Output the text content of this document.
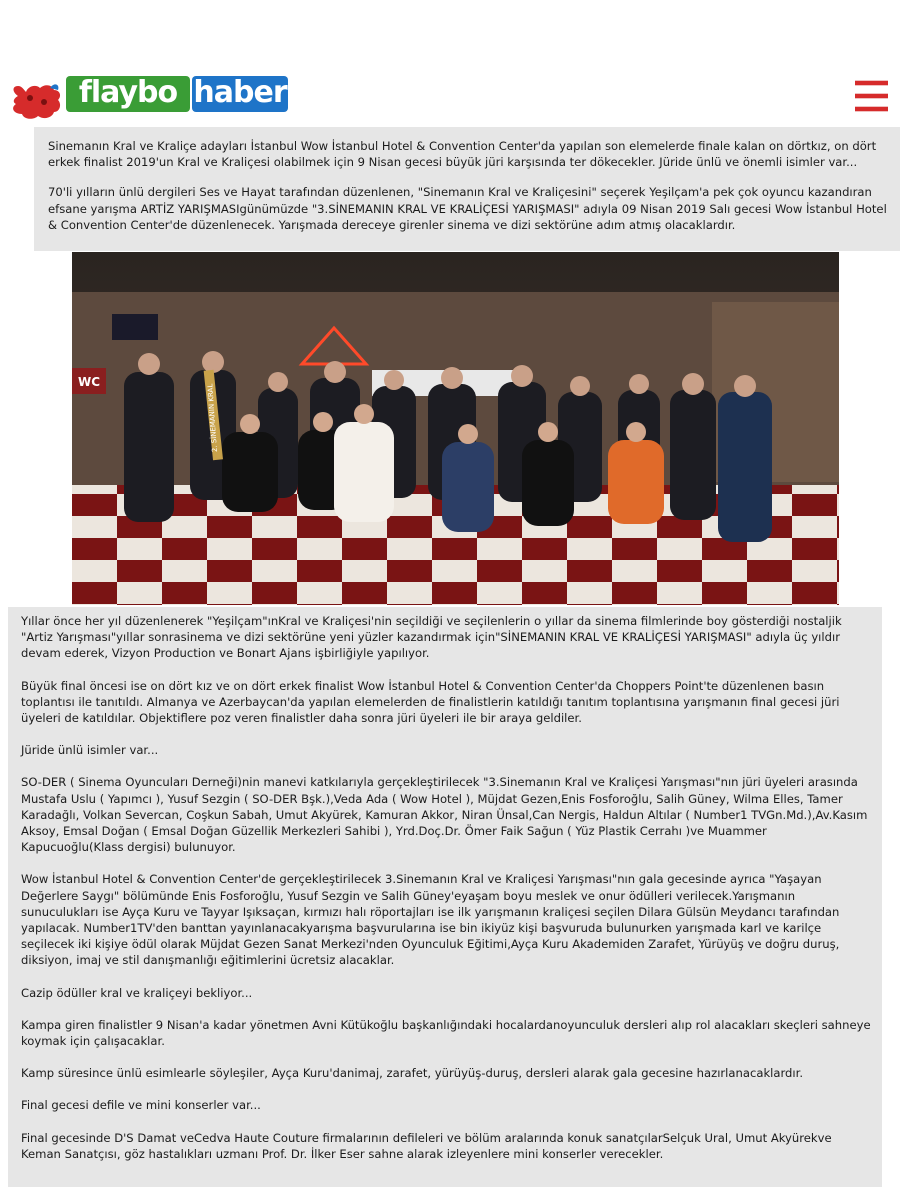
flaybo haber

Sinemanın Kral ve Kraliçe adayları İstanbul Wow İstanbul Hotel & Convention Center'da yapılan son elemelerde finale kalan on dörtkız, on dört erkek finalist 2019'un Kral ve Kraliçesi olabilmek için 9 Nisan gecesi büyük jüri karşısında ter dökecekler. Jüride ünlü ve önemli isimler var...

70'li yılların ünlü dergileri Ses ve Hayat tarafından düzenlenen, "Sinemanın Kral ve Kraliçesini" seçerek Yeşilçam'a pek çok oyuncu kazandıran efsane yarışma ARTİZ YARIŞMASIgünümüzde "3.SİNEMANIN KRAL VE KRALİÇESİ YARIŞMASI" adıyla 09 Nisan 2019 Salı gecesi Wow İstanbul Hotel & Convention Center'de düzenlenecek. Yarışmada dereceye girenler sinema ve dizi sektörüne adım atmış olacaklardır.

WC
2. SİNEMANIN KRAL

Yıllar önce her yıl düzenlenerek "Yeşilçam"ınKral ve Kraliçesi'nin seçildiği ve seçilenlerin o yıllar da sinema filmlerinde boy gösterdiği nostaljik "Artiz Yarışması"yıllar sonrasinema ve dizi sektörüne yeni yüzler kazandırmak için"SİNEMANIN KRAL VE KRALİÇESİ YARIŞMASI" adıyla üç yıldır devam ederek, Vizyon Production ve Bonart Ajans işbirliğiyle yapılıyor.

Büyük final öncesi ise on dört kız ve on dört erkek finalist Wow İstanbul Hotel & Convention Center'da Choppers Point'te düzenlenen basın toplantısı ile tanıtıldı. Almanya ve Azerbaycan'da yapılan elemelerden de finalistlerin katıldığı tanıtım toplantısına yarışmanın final gecesi jüri üyeleri de katıldılar. Objektiflere poz veren finalistler daha sonra jüri üyeleri ile bir araya geldiler.

Jüride ünlü isimler var...

SO-DER ( Sinema Oyuncuları Derneği)nin manevi katkılarıyla gerçekleştirilecek "3.Sinemanın Kral ve Kraliçesi Yarışması"nın jüri üyeleri arasında Mustafa Uslu ( Yapımcı ), Yusuf Sezgin ( SO-DER Bşk.),Veda Ada ( Wow Hotel ), Müjdat Gezen,Enis Fosforoğlu, Salih Güney, Wilma Elles, Tamer Karadağlı, Volkan Severcan, Coşkun Sabah, Umut Akyürek, Kamuran Akkor, Niran Ünsal,Can Nergis, Haldun Altılar ( Number1 TVGn.Md.),Av.Kasım Aksoy, Emsal Doğan ( Emsal Doğan Güzellik Merkezleri Sahibi ), Yrd.Doç.Dr. Ömer Faik Sağun ( Yüz Plastik Cerrahı )ve Muammer Kapucuoğlu(Klass dergisi) bulunuyor.

Wow İstanbul Hotel & Convention Center'de gerçekleştirilecek 3.Sinemanın Kral ve Kraliçesi Yarışması"nın gala gecesinde ayrıca "Yaşayan Değerlere Saygı" bölümünde Enis Fosforoğlu, Yusuf Sezgin ve Salih Güney'eyaşam boyu meslek ve onur ödülleri verilecek.Yarışmanın sunuculukları ise Ayça Kuru ve Tayyar Işıksaçan, kırmızı halı röportajları ise ilk yarışmanın kraliçesi seçilen Dilara Gülsün Meydancı tarafından yapılacak. Number1TV'den banttan yayınlanacakyarışma başvurularına ise bin ikiyüz kişi başvuruda bulunurken yarışmada karl ve karilçe seçilecek iki kişiye ödül olarak Müjdat Gezen Sanat Merkezi'nden Oyunculuk Eğitimi,Ayça Kuru Akademiden Zarafet, Yürüyüş ve doğru duruş, diksiyon, imaj ve stil danışmanlığı eğitimlerini ücretsiz alacaklar.

Cazip ödüller kral ve kraliçeyi bekliyor...

Kampa giren finalistler 9 Nisan'a kadar yönetmen Avni Kütükoğlu başkanlığındaki hocalardanoyunculuk dersleri alıp rol alacakları skeçleri sahneye koymak için çalışacaklar.

Kamp süresince ünlü esimlearle söyleşiler, Ayça Kuru'danimaj, zarafet, yürüyüş-duruş, dersleri alarak gala gecesine hazırlanacaklardır.

Final gecesi defile ve mini konserler var...

Final gecesinde D'S Damat veCedva Haute Couture firmalarının defileleri ve bölüm aralarında konuk sanatçılarSelçuk Ural, Umut Akyürekve Keman Sanatçısı, göz hastalıkları uzmanı Prof. Dr. İlker Eser sahne alarak izleyenlere mini konserler verecekler.
